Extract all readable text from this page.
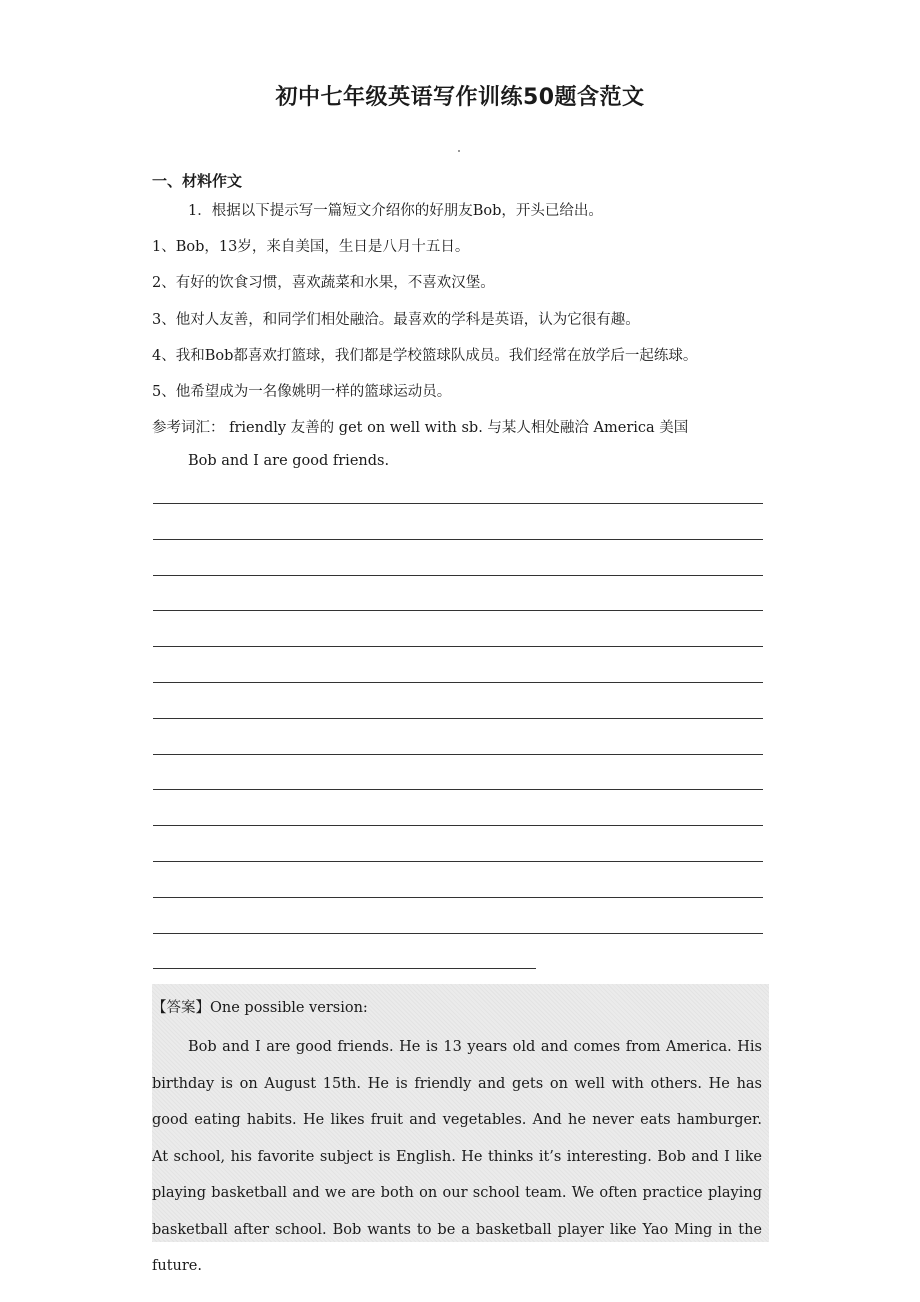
初中七年级英语写作训练50题含范文
一、材料作文
1．根据以下提示写一篇短文介绍你的好朋友Bob，开头已给出。
1、Bob，13岁，来自美国，生日是八月十五日。
2、有好的饮食习惯，喜欢蔬菜和水果，不喜欢汉堡。
3、他对人友善，和同学们相处融洽。最喜欢的学科是英语，认为它很有趣。
4、我和Bob都喜欢打篮球，我们都是学校篮球队成员。我们经常在放学后一起练球。
5、他希望成为一名像姚明一样的篮球运动员。
参考词汇： friendly 友善的 get on well with sb. 与某人相处融洽 America 美国
Bob and I are good friends.
【答案】One possible version:
Bob and I are good friends. He is 13 years old and comes from America. His birthday is on August 15th. He is friendly and gets on well with others. He has good eating habits. He likes fruit and vegetables. And he never eats hamburger. At school, his favorite subject is English. He thinks it’s interesting. Bob and I like playing basketball and we are both on our school team. We often practice playing basketball after school. Bob wants to be a basketball player like Yao Ming in the future.
